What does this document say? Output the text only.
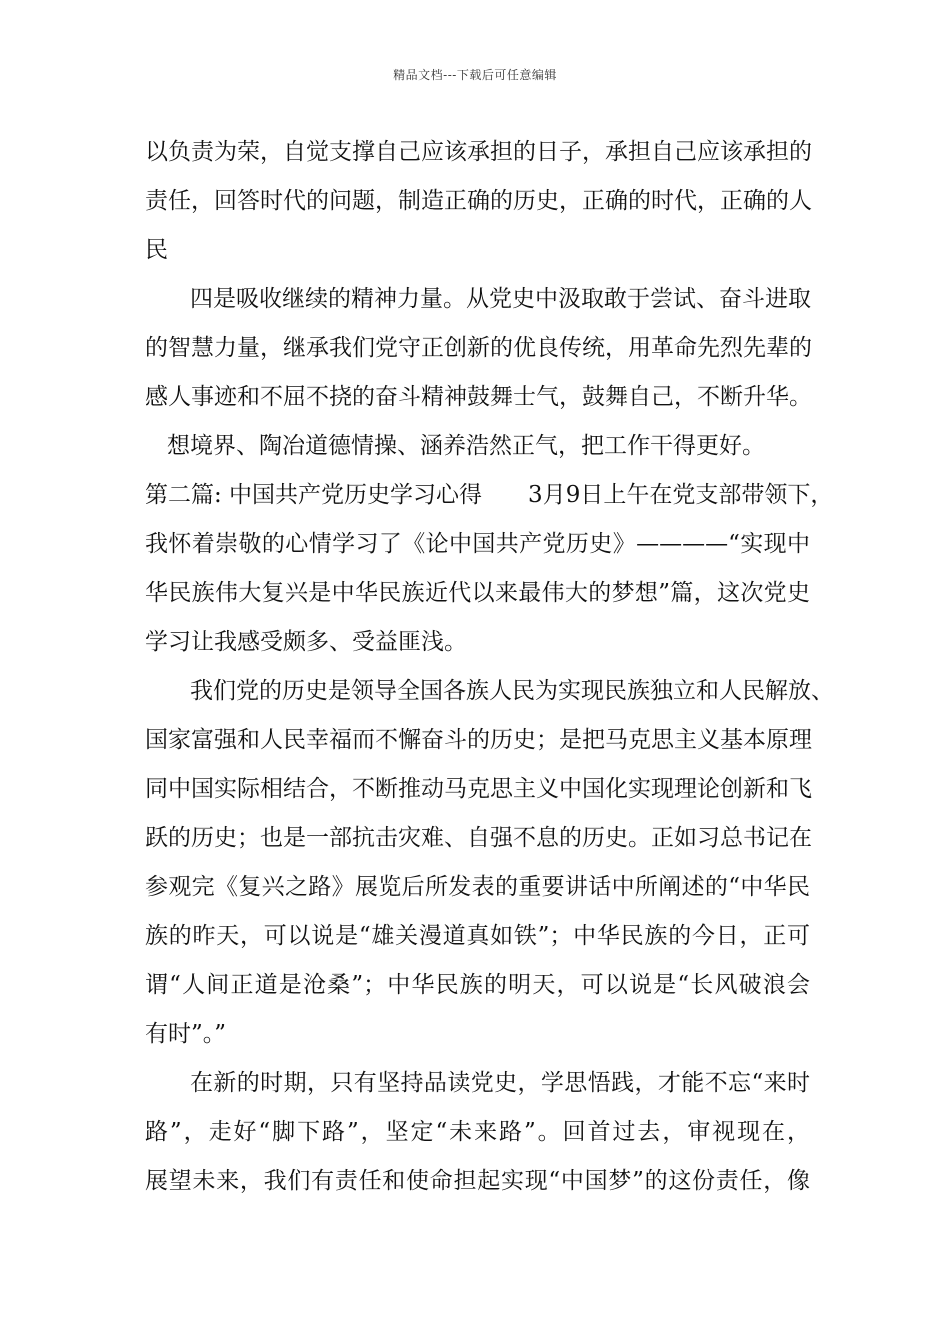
精品文档---下载后可任意编辑
以负责为荣，自觉支撑自己应该承担的日子，承担自己应该承担的
责任，回答时代的问题，制造正确的历史，正确的时代，正确的人
民
四是吸收继续的精神力量。从党史中汲取敢于尝试、奋斗进取
的智慧力量，继承我们党守正创新的优良传统，用革命先烈先辈的
感人事迹和不屈不挠的奋斗精神鼓舞士气，鼓舞自己，不断升华。
想境界、陶冶道德情操、涵养浩然正气，把工作干得更好。
第二篇: 中国共产党历史学习心得　　3月9日上午在党支部带领下，
我怀着崇敬的心情学习了《论中国共产党历史》————“实现中
华民族伟大复兴是中华民族近代以来最伟大的梦想”篇，这次党史
学习让我感受颇多、受益匪浅。
我们党的历史是领导全国各族人民为实现民族独立和人民解放、
国家富强和人民幸福而不懈奋斗的历史；是把马克思主义基本原理
同中国实际相结合，不断推动马克思主义中国化实现理论创新和飞
跃的历史；也是一部抗击灾难、自强不息的历史。正如习总书记在
参观完《复兴之路》展览后所发表的重要讲话中所阐述的“中华民
族的昨天，可以说是“雄关漫道真如铁”；中华民族的今日，正可
谓“人间正道是沧桑”；中华民族的明天，可以说是“长风破浪会
有时”。”
在新的时期，只有坚持品读党史，学思悟践，才能不忘“来时
路”，走好“脚下路”，坚定“未来路”。回首过去，审视现在，
展望未来，我们有责任和使命担起实现“中国梦”的这份责任，像
